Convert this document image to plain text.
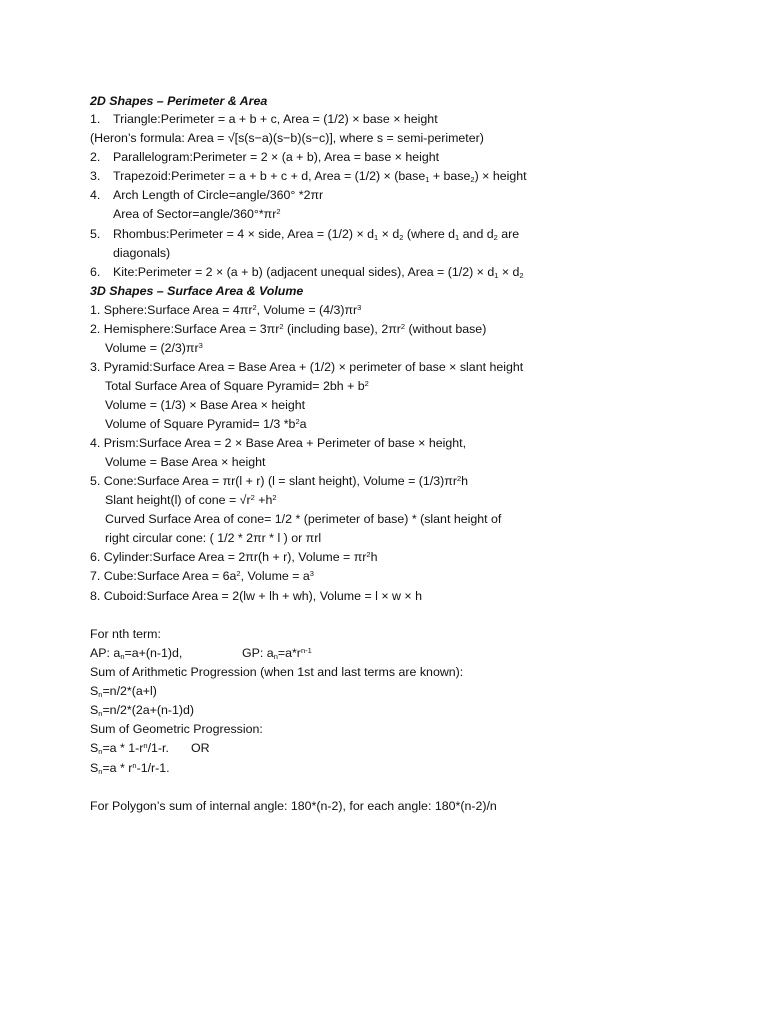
2D Shapes – Perimeter & Area
1. Triangle:Perimeter = a + b + c, Area = (1/2) × base × height
(Heron’s formula: Area = √[s(s−a)(s−b)(s−c)], where s = semi-perimeter)
2. Parallelogram:Perimeter = 2 × (a + b), Area = base × height
3. Trapezoid:Perimeter = a + b + c + d, Area = (1/2) × (base$_1$ + base$_2$) × height
4. Arch Length of Circle=angle/360° *2πr
Area of $Sector=angle/360^\circ*\pi r^2$
5. Rhombus:Perimeter = 4 × side, Area = $(1/2) \times d_1 \times d_2$ (where $d_1$ and $d_2$ are
diagonals)
6. Kite:Perimeter = 2 × (a + b) (adjacent unequal sides), Area = $(1/2) \times d_1 \times d_2$
3D Shapes – Surface Area & Volume
1. Sphere:Surface Area = $4\pi r^2$, Volume = $(4/3)\pi r^3$
2. Hemisphere:Surface Area = $3\pi r^2$ (including base), $2\pi r^2$ (without base)
Volume = $(2/3)\pi r^3$
3. Pyramid:Surface Area = Base Area + (1/2) × perimeter of base × slant height
Total Surface Area of Square Pyramid= $2bh + b^2$
Volume = (1/3) × Base Area × height
Volume of Square Pyramid= 1/3 $*b^2a$
4. Prism:Surface Area = 2 × Base Area + Perimeter of base × height,
Volume = Base Area × height
5. Cone:Surface Area = πr(l + r) (l = slant height), Volume = $(1/3)\pi r^2h$
Slant height(l) of cone = $√r^2 +h^2$
Curved Surface Area of cone= 1/2 * (perimeter of base) * (slant height of
right circular cone: ( 1/2 * 2πr * l ) or πrl
6. Cylinder:Surface Area = 2πr(h + r), Volume = $\pi r^2h$
7. Cube:Surface Area = $6a^2$, Volume = $a^3$
8. Cuboid:Surface Area = 2(lw + lh + wh), Volume = l × w × h
For nth term:
AP: $a_n=a+(n-1)d$,	GP: $a_n=a*r^{n-1}$
Sum of Arithmetic Progression (when 1st and last terms are known):
$S_n=n/2*(a+l)$
$S_n=n/2*(2a+(n-1)d)$
Sum of Geometric Progression:
$S_n=a * 1-r^n/1-r$. OR
$S_n=a * r^n-1/r-1$.
For Polygon’s sum of internal angle: 180*(n-2), for each angle: 180*(n-2)/n
